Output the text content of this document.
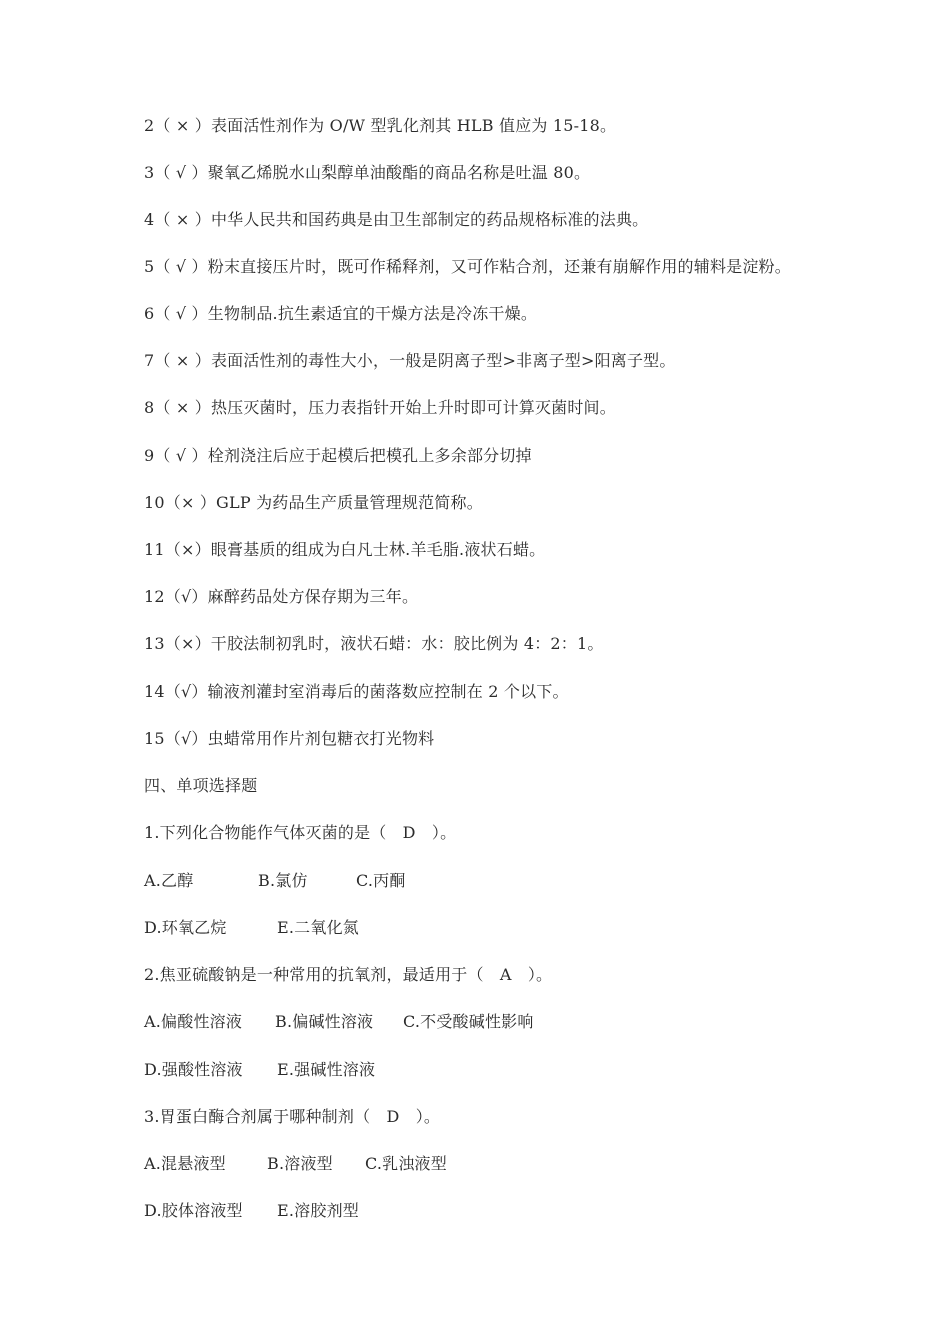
2（ × ）表面活性剂作为 O/W 型乳化剂其 HLB 值应为 15-18。
3（ √ ）聚氧乙烯脱水山梨醇单油酸酯的商品名称是吐温 80。
4（ × ）中华人民共和国药典是由卫生部制定的药品规格标准的法典。
5（ √ ）粉末直接压片时，既可作稀释剂，又可作粘合剂，还兼有崩解作用的辅料是淀粉。
6（ √ ）生物制品.抗生素适宜的干燥方法是冷冻干燥。
7（ × ）表面活性剂的毒性大小，一般是阴离子型>非离子型>阳离子型。
8（ × ）热压灭菌时，压力表指针开始上升时即可计算灭菌时间。
9（ √ ）栓剂浇注后应于起模后把模孔上多余部分切掉
10（× ）GLP 为药品生产质量管理规范简称。
11（×）眼膏基质的组成为白凡士林.羊毛脂.液状石蜡。
12（√）麻醉药品处方保存期为三年。
13（×）干胶法制初乳时，液状石蜡：水：胶比例为 4：2：1。
14（√）输液剂灌封室消毒后的菌落数应控制在 2 个以下。
15（√）虫蜡常用作片剂包糖衣打光物料
四、单项选择题
1.下列化合物能作气体灭菌的是（　D　）。
A.乙醇	B.氯仿	C.丙酮
D.环氧乙烷	E.二氧化氮
2.焦亚硫酸钠是一种常用的抗氧剂，最适用于（　A　）。
A.偏酸性溶液 B.偏碱性溶液 C.不受酸碱性影响
D.强酸性溶液 E.强碱性溶液
3.胃蛋白酶合剂属于哪种制剂（　D　）。
A.混悬液型	B.溶液型 C.乳浊液型
D.胶体溶液型 E.溶胶剂型
